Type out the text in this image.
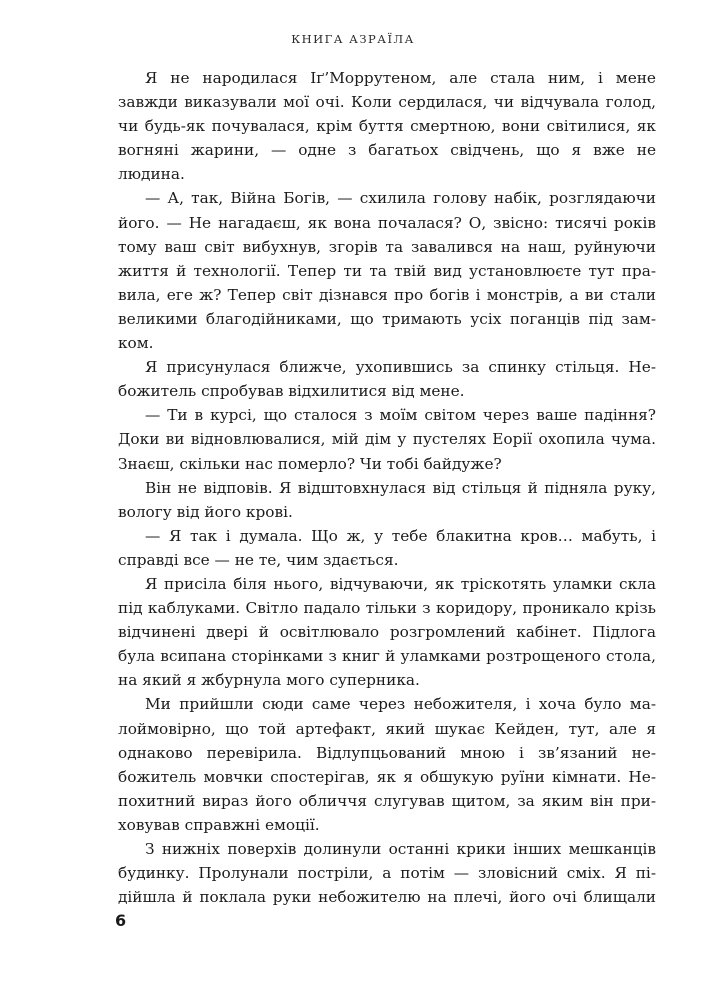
КНИГА АЗРАЇЛА

Я не народилася Іґ’Моррутеном, але стала ним, і мене завжди виказували мої очі. Коли сердилася, чи відчувала голод, чи будь-як почувалася, крім буття смертною, вони світилися, як вогняні жарини, — одне з багатьох свідчень, що я вже не людина.

— А, так, Війна Богів, — схилила голову набік, розглядаючи його. — Не нагадаєш, як вона почалася? О, звісно: тисячі років тому ваш світ вибухнув, згорів та завалився на наш, руйнуючи життя й технології. Тепер ти та твій вид установлюєте тут правила, еге ж? Тепер світ дізнався про богів і монстрів, а ви стали великими благодійниками, що тримають усіх поганців під замком.

Я присунулася ближче, ухопившись за спинку стільця. Небожитель спробував відхилитися від мене.

— Ти в курсі, що сталося з моїм світом через ваше падіння? Доки ви відновлювалися, мій дім у пустелях Еорії охопила чума. Знаєш, скільки нас померло? Чи тобі байдуже?

Він не відповів. Я відштовхнулася від стільця й підняла руку, вологу від його крові.

— Я так і думала. Що ж, у тебе блакитна кров… мабуть, і справді все — не те, чим здається.

Я присіла біля нього, відчуваючи, як тріскотять уламки скла під каблуками. Світло падало тільки з коридору, проникало крізь відчинені двері й освітлювало розгромлений кабінет. Підлога була всипана сторінками з книг й уламками розтрощеного стола, на який я жбурнула мого суперника.

Ми прийшли сюди саме через небожителя, і хоча було малоймовірно, що той артефакт, який шукає Кейден, тут, але я однаково перевірила. Відлупцьований мною і зв’язаний небожитель мовчки спостерігав, як я обшукую руїни кімнати. Непохитний вираз його обличчя слугував щитом, за яким він приховував справжні емоції.

З нижніх поверхів долинули останні крики інших мешканців будинку. Пролунали постріли, а потім — зловісний сміх. Я підійшла й поклала руки небожителю на плечі, його очі блищали

6
